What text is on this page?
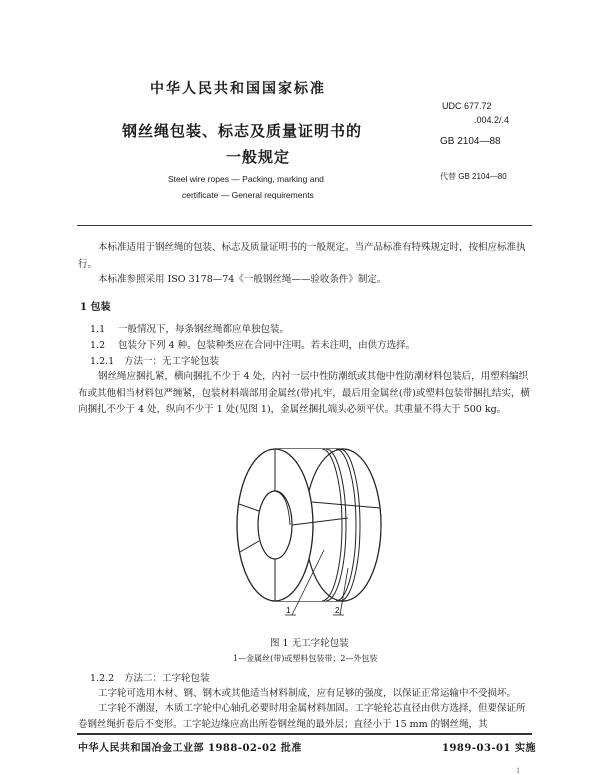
中华人民共和国国家标准
钢丝绳包装、标志及质量证明书的
一般规定
Steel wire ropes — Packing, marking and
certificate — General requirements
UDC 677.72
.004.2/.4
GB 2104—88
代替 GB 2104—80
本标准适用于钢丝绳的包装、标志及质量证明书的一般规定。当产品标准有特殊规定时，按相应标准执行。
本标准参照采用 ISO 3178—74《一般钢丝绳——验收条件》制定。
1 包装
1.1 一般情况下，每条钢丝绳都应单独包装。
1.2 包装分下列 4 种。包装种类应在合同中注明。若未注明，由供方选择。
1.2.1 方法一：无工字轮包装
钢丝绳应捆扎紧，横向捆扎不少于 4 处，内衬一层中性防潮纸或其他中性防潮材料包装后，用塑料编织布或其他相当材料包严缠紧，包装材料端部用金属丝(带)扎牢，最后用金属丝(带)或塑料包装带捆扎结实，横向捆扎不少于 4 处，纵向不少于 1 处(见图 1)，金属丝捆扎端头必须平伏。其重量不得大于 500 kg。
1	2
图 1 无工字轮包装
1—金属丝(带)或塑料包装带；2—外包装
1.2.2 方法二：工字轮包装
工字轮可选用木材、钢、钢木或其他适当材料制成，应有足够的强度，以保证正常运输中不受损坏。
工字轮不潮湿，木质工字轮中心轴孔必要时用金属材料加固。工字轮轮芯直径由供方选择，但要保证所卷钢丝绳折卷后不变形。工字轮边缘应高出所卷钢丝绳的最外层；直径小于 15 mm 的钢丝绳，其
中华人民共和国冶金工业部 1988-02-02 批准	1989-03-01 实施
1
